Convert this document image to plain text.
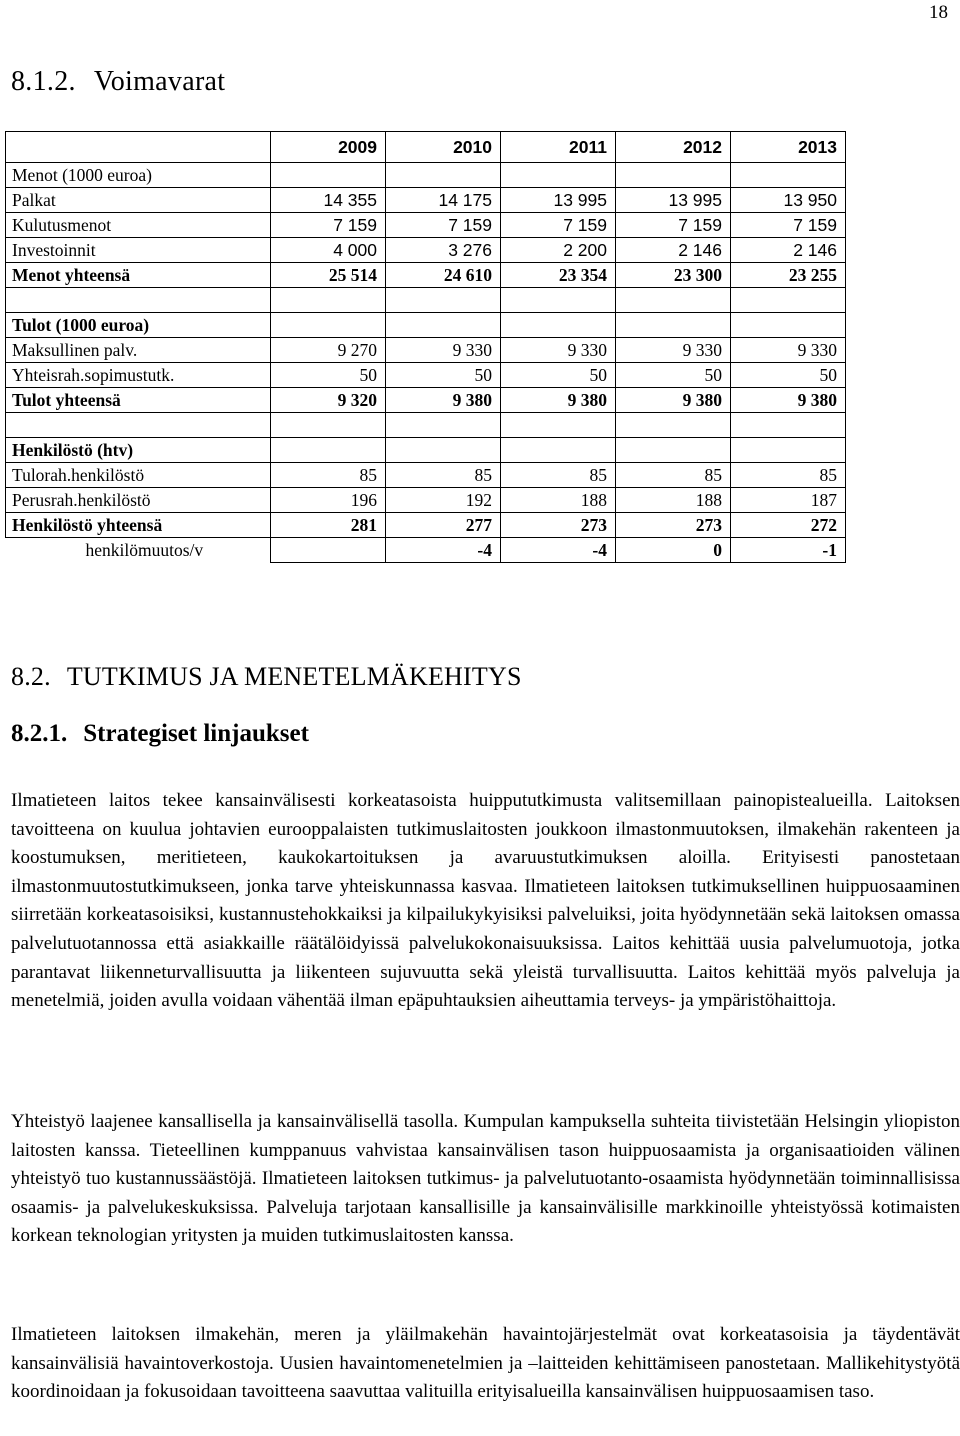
18
8.1.2. Voimavarat
	2009	2010	2011	2012	2013
Menot (1000 euroa)					
Palkat	14 355	14 175	13 995	13 995	13 950
Kulutusmenot	7 159	7 159	7 159	7 159	7 159
Investoinnit	4 000	3 276	2 200	2 146	2 146
Menot yhteensä	25 514	24 610	23 354	23 300	23 255

Tulot (1000 euroa)					
Maksullinen palv.	9 270	9 330	9 330	9 330	9 330
Yhteisrah.sopimustutk.	50	50	50	50	50
Tulot yhteensä	9 320	9 380	9 380	9 380	9 380

Henkilöstö (htv)					
Tulorah.henkilöstö	85	85	85	85	85
Perusrah.henkilöstö	196	192	188	188	187
Henkilöstö yhteensä	281	277	273	273	272
henkilömuutos/v		-4	-4	0	-1
8.2. TUTKIMUS JA MENETELMÄKEHITYS
8.2.1. Strategiset linjaukset

Ilmatieteen laitos tekee kansainvälisesti korkeatasoista huippututkimusta valitsemillaan painopistealueilla. Laitoksen tavoitteena on kuulua johtavien eurooppalaisten tutkimuslaitosten joukkoon ilmastonmuutoksen, ilmakehän rakenteen ja koostumuksen, meritieteen, kaukokartoituksen ja avaruustutkimuksen aloilla. Erityisesti panostetaan ilmastonmuutostutkimukseen, jonka tarve yhteiskunnassa kasvaa. Ilmatieteen laitoksen tutkimuksellinen huippuosaaminen siirretään korkeatasoisiksi, kustannustehokkaiksi ja kilpailukykyisiksi palveluiksi, joita hyödynnetään sekä laitoksen omassa palvelutuotannossa että asiakkaille räätälöidyissä palvelukokonaisuuksissa. Laitos kehittää uusia palvelumuotoja, jotka parantavat liikenneturvallisuutta ja liikenteen sujuvuutta sekä yleistä turvallisuutta. Laitos kehittää myös palveluja ja menetelmiä, joiden avulla voidaan vähentää ilman epäpuhtauksien aiheuttamia terveys- ja ympäristöhaittoja.

Yhteistyö laajenee kansallisella ja kansainvälisellä tasolla. Kumpulan kampuksella suhteita tiivistetään Helsingin yliopiston laitosten kanssa. Tieteellinen kumppanuus vahvistaa kansainvälisen tason huippuosaamista ja organisaatioiden välinen yhteistyö tuo kustannussäästöjä. Ilmatieteen laitoksen tutkimus- ja palvelutuotanto-osaamista hyödynnetään toiminnallisissa osaamis- ja palvelukeskuksissa. Palveluja tarjotaan kansallisille ja kansainvälisille markkinoille yhteistyössä kotimaisten korkean teknologian yritysten ja muiden tutkimuslaitosten kanssa.

Ilmatieteen laitoksen ilmakehän, meren ja yläilmakehän havaintojärjestelmät ovat korkeatasoisia ja täydentävät kansainvälisiä havaintoverkostoja. Uusien havaintomenetelmien ja –laitteiden kehittämiseen panostetaan. Mallikehitystyötä koordinoidaan ja fokusoidaan tavoitteena saavuttaa valituilla erityisalueilla kansainvälisen huippuosaamisen taso.
